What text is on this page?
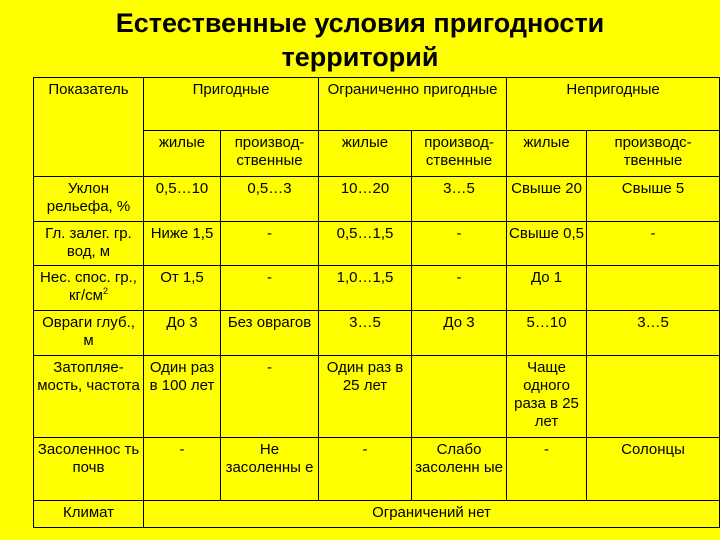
Естественные условия пригодности
территорий
Показатель	Пригодные		Ограниченно пригодные		Непригодные	
	жилые	производ-ственные	жилые	производ-ственные	жилые	производс-твенные
Уклон рельефа, %	0,5…10	0,5…3	10…20	3…5	Свыше 20	Свыше 5
Гл. залег. гр. вод, м	Ниже 1,5	-	0,5…1,5	-	Свыше 0,5	-
Нес. спос. гр., $кг/см^2$	От 1,5	-	1,0…1,5	-	До 1	
Овраги глуб., м	До 3	Без оврагов	3…5	До 3	5…10	3…5
Затопляе-мость, частота	Один раз в 100 лет	-	Один раз в 25 лет		Чаще одного раза в 25 лет	
Засоленнос ть почв	-	Не засоленны е	-	Слабо засоленн ые	-	Солонцы
Климат	Ограничений нет					
